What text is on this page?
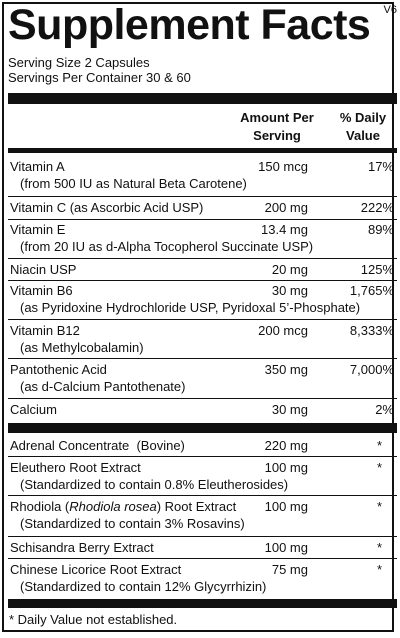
Supplement Facts V6
Serving Size 2 Capsules
Servings Per Container 30 & 60
Amount Per
Serving
% Daily
Value
Vitamin A
(from 500 IU as Natural Beta Carotene)
150 mcg	17%
Vitamin C (as Ascorbic Acid USP)	200 mg	222%
Vitamin E
(from 20 IU as d-Alpha Tocopherol Succinate USP)
13.4 mg	89%
Niacin USP	20 mg	125%
Vitamin B6
(as Pyridoxine Hydrochloride USP, Pyridoxal 5’-Phosphate)
30 mg	1,765%
Vitamin B12
(as Methylcobalamin)
200 mcg	8,333%
Pantothenic Acid
(as d-Calcium Pantothenate)
350 mg	7,000%
Calcium	30 mg	2%
Adrenal Concentrate  (Bovine)	220 mg	*
Eleuthero Root Extract
(Standardized to contain 0.8% Eleutherosides)
100 mg	*
Rhodiola (Rhodiola rosea) Root Extract
(Standardized to contain 3% Rosavins)
100 mg	*
Schisandra Berry Extract	100 mg	*
Chinese Licorice Root Extract
(Standardized to contain 12% Glycyrrhizin)
75 mg	*
* Daily Value not established.
